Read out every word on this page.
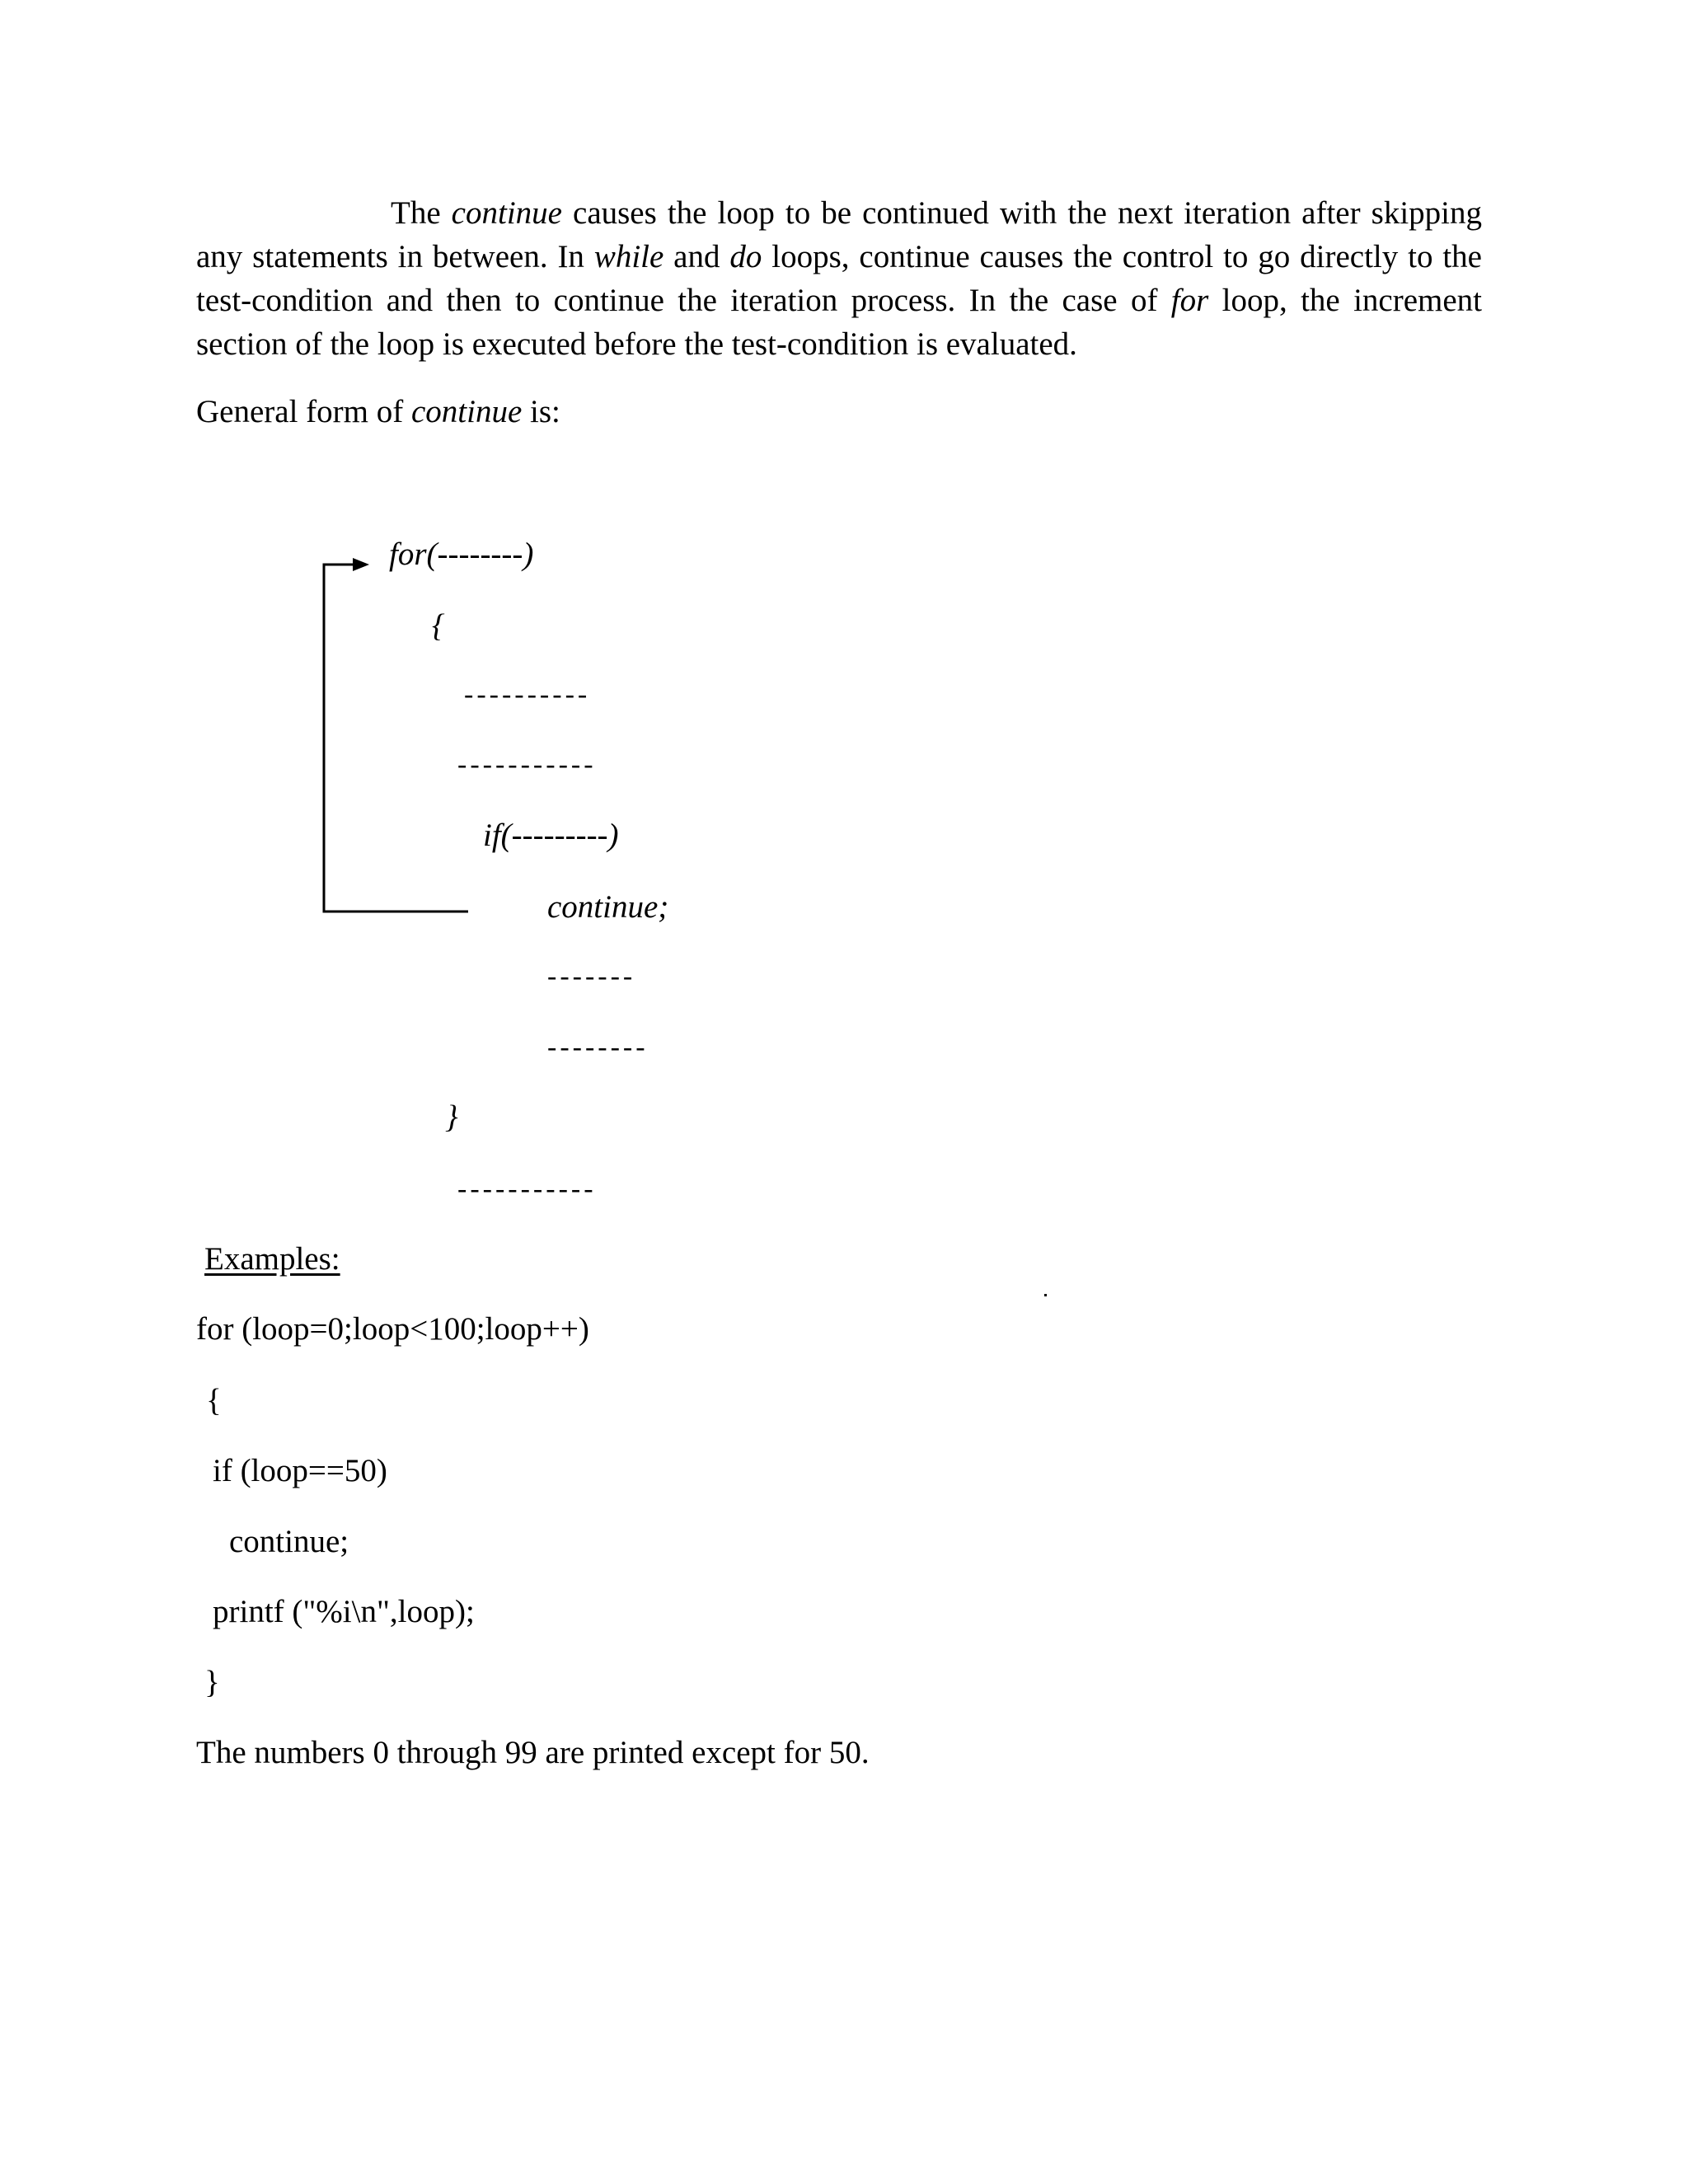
The continue causes the loop to be continued with the next iteration after skipping any statements in between. In while and do loops, continue causes the control to go directly to the test-condition and then to continue the iteration process. In the case of for loop, the increment section of the loop is executed before the test-condition is evaluated.
General form of continue is:
for(--------)
{
----------
-----------
if(---------)
continue;
-------
--------
}
-----------
Examples:
for (loop=0;loop<100;loop++)
{
if (loop==50)
continue;
printf ("%i\n",loop);
}
The numbers 0 through 99 are printed except for 50.
